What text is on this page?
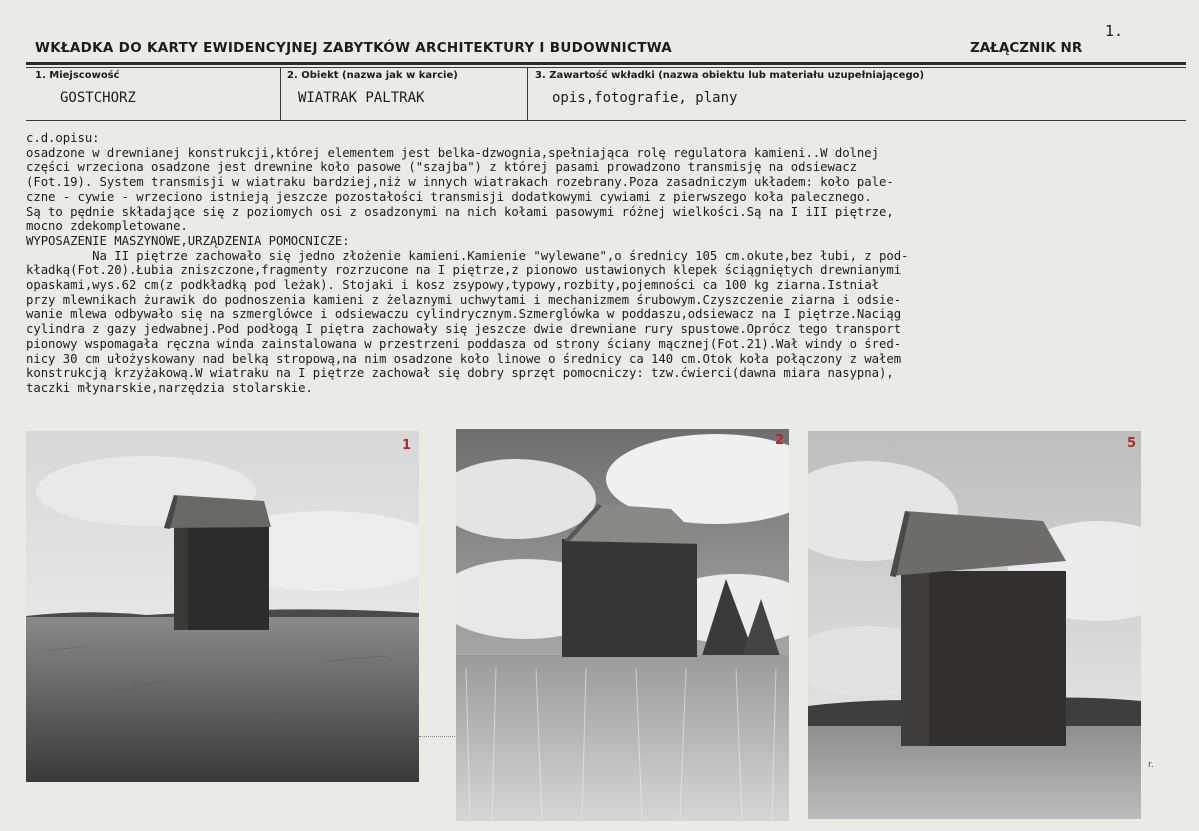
1.
WKŁADKA DO KARTY EWIDENCYJNEJ ZABYTKÓW ARCHITEKTURY I BUDOWNICTWA	ZAŁĄCZNIK NR
1. Miejscowość
GOSTCHORZ
2. Obiekt (nazwa jak w karcie)
WIATRAK PALTRAK
3. Zawartość wkładki (nazwa obiektu lub materiału uzupełniającego)
opis,fotografie, plany
c.d.opisu:
osadzone w drewnianej konstrukcji,której elementem jest belka-dzwognia,spełniająca rolę regulatora kamieni..W dolnej
części wrzeciona osadzone jest drewnine koło pasowe ("szajba") z której pasami prowadzono transmisję na odsiewacz
(Fot.19). System transmisji w wiatraku bardziej,niż w innych wiatrakach rozebrany.Poza zasadniczym układem: koło pale-
czne - cywie - wrzeciono istnieją jeszcze pozostałości transmisji dodatkowymi cywiami z pierwszego koła palecznego.
Są to pędnie składające się z poziomych osi z osadzonymi na nich kołami pasowymi różnej wielkości.Są na I iII piętrze,
mocno zdekompletowane.
WYPOSAZENIE MASZYNOWE,URZĄDZENIA POMOCNICZE:
Na II piętrze zachowało się jedno złożenie kamieni.Kamienie "wylewane",o średnicy 105 cm.okute,bez łubi, z pod-
kładką(Fot.20).Łubia zniszczone,fragmenty rozrzucone na I piętrze,z pionowo ustawionych klepek ściągniętych drewnianymi
opaskami,wys.62 cm(z podkładką pod leżak). Stojaki i kosz zsypowy,typowy,rozbity,pojemności ca 100 kg ziarna.Istniał
przy mlewnikach żurawik do podnoszenia kamieni z żelaznymi uchwytami i mechanizmem śrubowym.Czyszczenie ziarna i odsie-
wanie mlewa odbywało się na szmerglówce i odsiewaczu cylindrycznym.Szmerglówka w poddaszu,odsiewacz na I piętrze.Naciąg
cylindra z gazy jedwabnej.Pod podłogą I piętra zachowały się jeszcze dwie drewniane rury spustowe.Oprócz tego transport
pionowy wspomagała ręczna winda zainstalowana w przestrzeni poddasza od strony ściany mącznej(Fot.21).Wał windy o śred-
nicy 30 cm ułożyskowany nad belką stropową,na nim osadzone koło linowe o średnicy ca 140 cm.Otok koła połączony z wałem
konstrukcją krzyżakową.W wiatraku na I piętrze zachował się dobry sprzęt pomocniczy: tzw.ćwierci(dawna miara nasypna),
taczki młynarskie,narzędzia stolarskie.
1	2	5
r.
